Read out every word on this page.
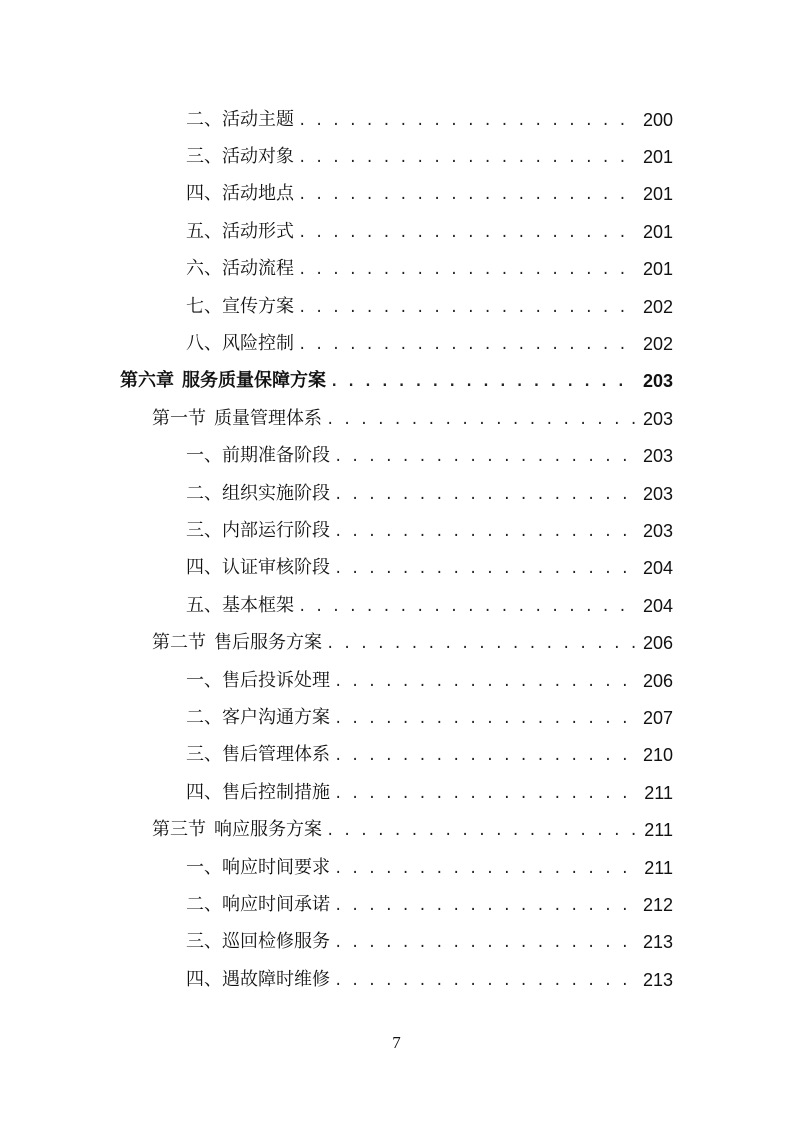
二、活动主题 . . .	200
三、活动对象 . . .	201
四、活动地点 . . .	201
五、活动形式 . . .	201
六、活动流程 . . .	201
七、宣传方案 . . .	202
八、风险控制 . . .	202
第六章 服务质量保障方案 . . .	203
第一节 质量管理体系 . . .	203
一、前期准备阶段 . . .	203
二、组织实施阶段 . . .	203
三、内部运行阶段 . . .	203
四、认证审核阶段 . . .	204
五、基本框架 . . .	204
第二节 售后服务方案 . . .	206
一、售后投诉处理 . . .	206
二、客户沟通方案 . . .	207
三、售后管理体系 . . .	210
四、售后控制措施 . . .	211
第三节 响应服务方案 . . .	211
一、响应时间要求 . . .	211
二、响应时间承诺 . . .	212
三、巡回检修服务 . . .	213
四、遇故障时维修 . . .	213
7
